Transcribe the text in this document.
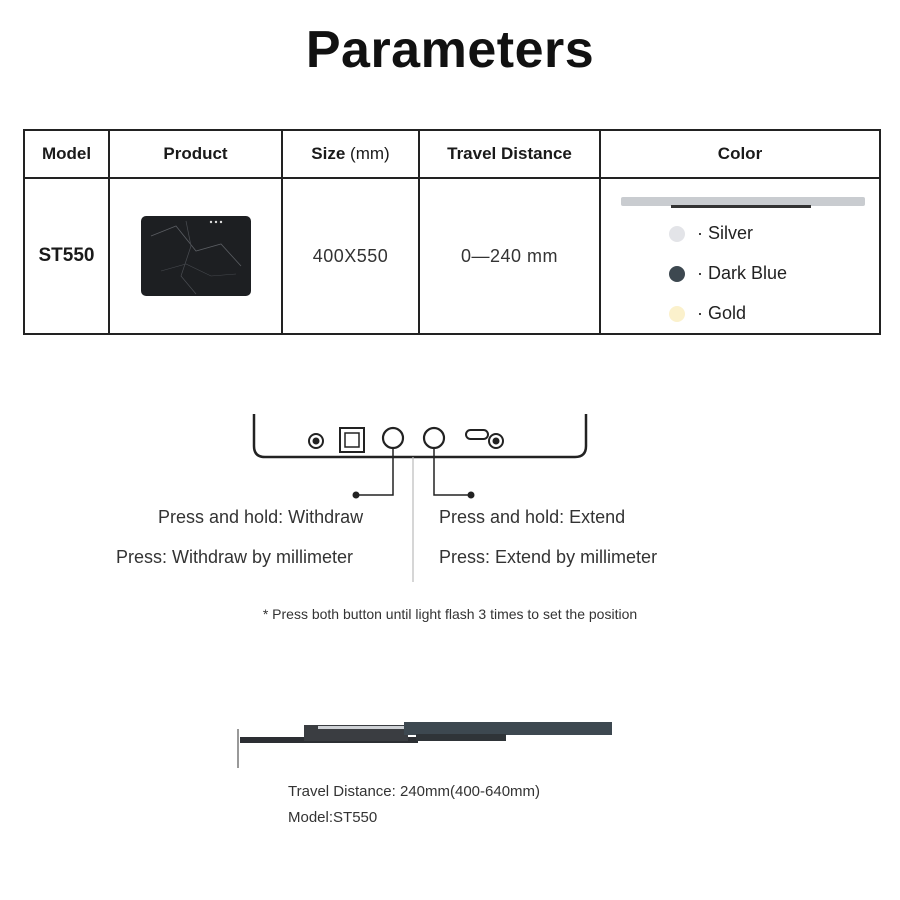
Parameters
Model	Product	Size (mm)	Travel Distance	Color
ST550		400X550	0—240 mm	· Silver
· Dark Blue
· Gold
Press and hold: Withdraw
Press: Withdraw by millimeter
Press and hold: Extend
Press: Extend by millimeter
* Press both button until light flash 3 times to set the position
Travel Distance: 240mm(400-640mm)
Model:ST550
